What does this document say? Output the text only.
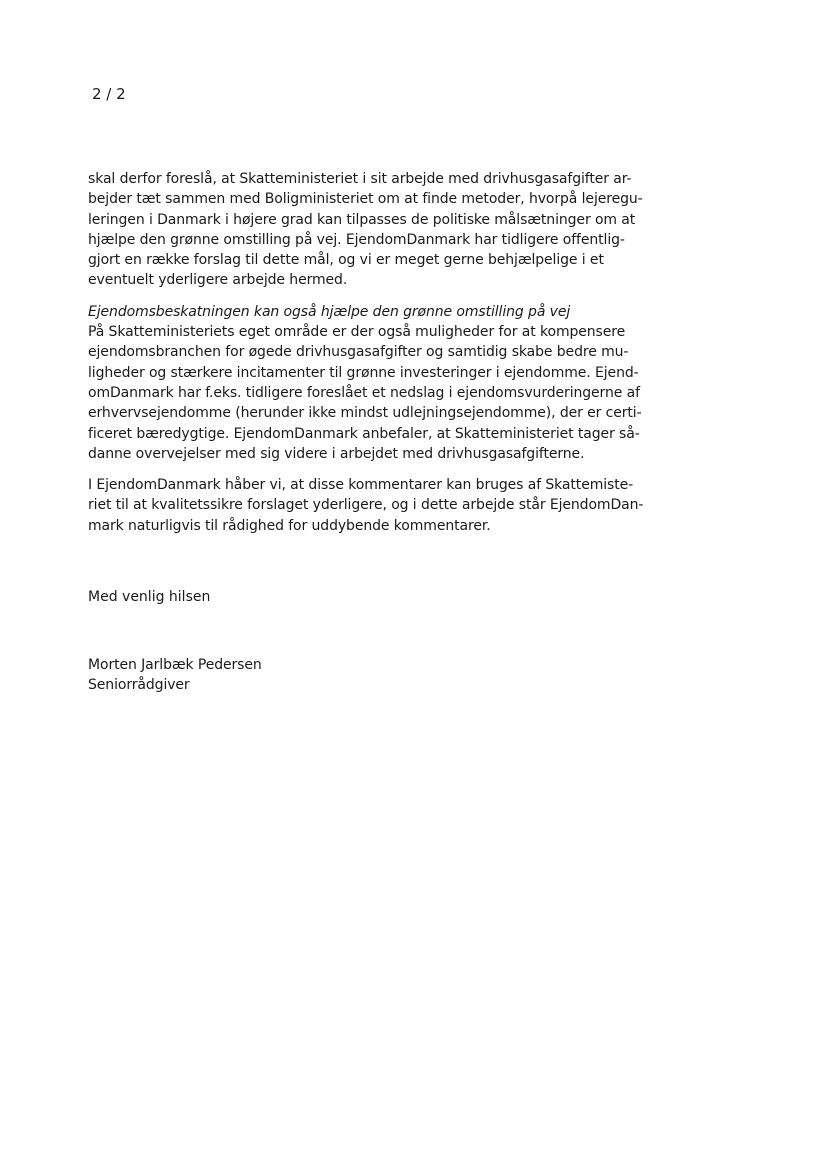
2 / 2
skal derfor foreslå, at Skatteministeriet i sit arbejde med drivhusgasafgifter ar-
bejder tæt sammen med Boligministeriet om at finde metoder, hvorpå lejeregu-
leringen i Danmark i højere grad kan tilpasses de politiske målsætninger om at
hjælpe den grønne omstilling på vej. EjendomDanmark har tidligere offentlig-
gjort en række forslag til dette mål, og vi er meget gerne behjælpelige i et
eventuelt yderligere arbejde hermed.
Ejendomsbeskatningen kan også hjælpe den grønne omstilling på vej
På Skatteministeriets eget område er der også muligheder for at kompensere
ejendomsbranchen for øgede drivhusgasafgifter og samtidig skabe bedre mu-
ligheder og stærkere incitamenter til grønne investeringer i ejendomme. Ejend-
omDanmark har f.eks. tidligere foreslået et nedslag i ejendomsvurderingerne af
erhvervsejendomme (herunder ikke mindst udlejningsejendomme), der er certi-
ficeret bæredygtige. EjendomDanmark anbefaler, at Skatteministeriet tager så-
danne overvejelser med sig videre i arbejdet med drivhusgasafgifterne.
I EjendomDanmark håber vi, at disse kommentarer kan bruges af Skattemiste-
riet til at kvalitetssikre forslaget yderligere, og i dette arbejde står EjendomDan-
mark naturligvis til rådighed for uddybende kommentarer.
Med venlig hilsen
Morten Jarlbæk Pedersen
Seniorrådgiver
